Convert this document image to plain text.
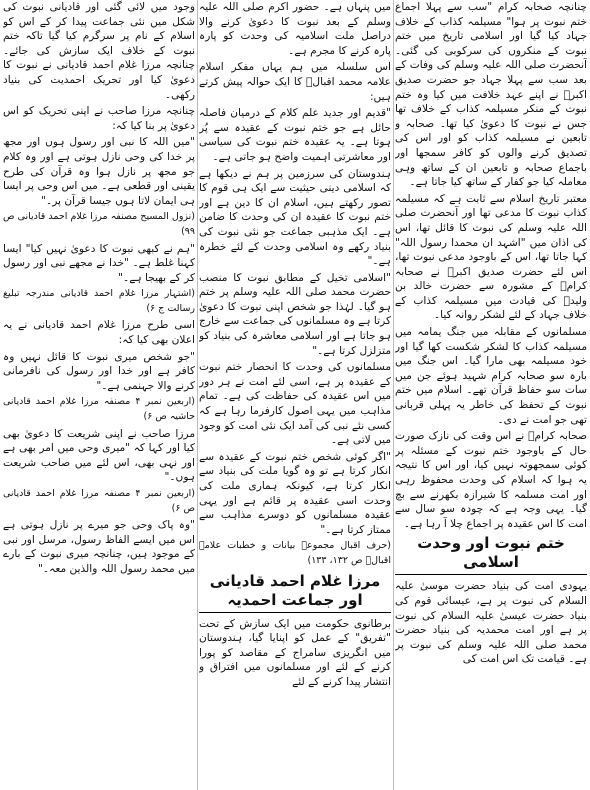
چنانچہ صحابہ کرام "سب سے پہلا اجماع ختم نبوت پر ہوا" مسیلمہ کذاب کے خلاف جہاد کیا گیا اور اسلامی تاریخ میں ختم نبوت کے منکروں کی سرکوبی کی گئی۔ آنحضرت صلی اللہ علیہ وسلم کی وفات کے بعد سب سے پہلا جہاد جو حضرت صدیق اکبرؓ نے اپنے عہد خلافت میں کیا وہ ختم نبوت کے منکر مسیلمہ کذاب کے خلاف تھا جس نے نبوت کا دعویٰ کیا تھا۔ صحابہ و تابعین نے مسیلمہ کذاب کو اور اس کی تصدیق کرنے والوں کو کافر سمجھا اور باجماع صحابہ و تابعین ان کے ساتھ وہی معاملہ کیا جو کفار کے ساتھ کیا جاتا ہے۔

معتبر تاریخ اسلام سے ثابت ہے کہ مسیلمہ کذاب نبوت کا مدعی تھا اور آنحضرت صلی اللہ علیہ وسلم کی نبوت کا قائل تھا، اس کی اذان میں "اشہد ان محمدا رسول اللہ" کہا جاتا تھا، اس کے باوجود مدعی نبوت تھا، اس لئے حضرت صدیق اکبرؓ نے صحابہ کرامؓ کے مشورہ سے حضرت خالد بن ولیدؓ کی قیادت میں مسیلمہ کذاب کے خلاف جہاد کے لئے لشکر روانہ کیا۔

مسلمانوں کے مقابلہ میں جنگ یمامہ میں مسیلمہ کذاب کا لشکر شکست کھا گیا اور خود مسیلمہ بھی مارا گیا۔ اس جنگ میں بارہ سو صحابہ کرام شہید ہوئے جن میں سات سو حفاظ قرآن تھے۔ اسلام میں ختم نبوت کے تحفظ کی خاطر یہ پہلی قربانی تھی جو امت نے دی۔

صحابہ کرامؓ نے اس وقت کی نازک صورت حال کے باوجود ختم نبوت کے مسئلہ پر کوئی سمجھوتہ نہیں کیا، اور اس کا نتیجہ یہ ہوا کہ اسلام کی وحدت محفوظ رہی اور امت مسلمہ کا شیرازہ بکھرنے سے بچ گیا۔ یہی وجہ ہے کہ چودہ سو سال سے امت کا اس عقیدہ پر اجماع چلا آ رہا ہے۔

ختم نبوت اور وحدت اسلامی

یہودی امت کی بنیاد حضرت موسیٰ علیہ السلام کی نبوت پر ہے، عیسائی قوم کی بنیاد حضرت عیسیٰ علیہ السلام کی نبوت پر ہے اور امت محمدیہ کی بنیاد حضرت محمد صلی اللہ علیہ وسلم کی نبوت پر ہے۔ قیامت تک اس امت کی

میں پنہاں ہے۔ حضور اکرم صلی اللہ علیہ وسلم کے بعد نبوت کا دعویٰ کرنے والا دراصل ملت اسلامیہ کی وحدت کو پارہ پارہ کرنے کا مجرم ہے۔

اس سلسلہ میں ہم یہاں مفکر اسلام علامہ محمد اقبالؒ کا ایک حوالہ پیش کرتے ہیں:

"قدیم اور جدید علم کلام کے درمیان فاصلہ حائل ہے جو ختم نبوت کے عقیدہ سے پُر ہوتا ہے۔ یہ عقیدہ ختم نبوت کی سیاسی اور معاشرتی اہمیت واضح ہو جاتی ہے۔

ہندوستان کی سرزمین پر ہم نے دیکھا ہے کہ اسلامی دینی حیثیت سے ایک ہی قوم کا تصور رکھتے ہیں، اسلام ان کا دین ہے اور ختم نبوت کا عقیدہ ان کی وحدت کا ضامن ہے۔ ایک مذہبی جماعت جو نئی نبوت کی بنیاد رکھے وہ اسلامی وحدت کے لئے خطرہ ہے۔"

"اسلامی تخیل کے مطابق نبوت کا منصب حضرت محمد صلی اللہ علیہ وسلم پر ختم ہو گیا۔ لہٰذا جو شخص اپنی نبوت کا دعویٰ کرتا ہے وہ مسلمانوں کی جماعت سے خارج ہو جاتا ہے اور اسلامی معاشرہ کی بنیاد کو متزلزل کرتا ہے۔"

مسلمانوں کی وحدت کا انحصار ختم نبوت کے عقیدہ پر ہے، اسی لئے امت نے ہر دور میں اس عقیدہ کی حفاظت کی ہے۔ تمام مذاہب میں یہی اصول کارفرما رہا ہے کہ کسی نئے نبی کی آمد ایک نئی امت کو وجود میں لاتی ہے۔

"اگر کوئی شخص ختم نبوت کے عقیدہ سے انکار کرتا ہے تو وہ گویا ملت کی بنیاد سے انکار کرتا ہے، کیونکہ ہماری ملت کی وحدت اسی عقیدہ پر قائم ہے اور یہی عقیدہ مسلمانوں کو دوسرے مذاہب سے ممتاز کرتا ہے۔"

(حرف اقبال مجموعہ بیانات و خطبات علامہ اقبالؒ ص ۱۳۲، ۱۳۳)

مرزا غلام احمد قادیانی اور جماعت احمدیہ

برطانوی حکومت میں ایک سازش کے تحت "تفریق" کے عمل کو اپنایا گیا، ہندوستان میں انگریزی سامراج کے مقاصد کو پورا کرنے کے لئے اور مسلمانوں میں افتراق و انتشار پیدا کرنے کے لئے

وجود میں لائی گئی اور قادیانی نبوت کی شکل میں نئی جماعت پیدا کر کے اس کو اسلام کے نام پر سرگرم کیا گیا تاکہ ختم نبوت کے خلاف ایک سازش کی جائے۔ چنانچہ مرزا غلام احمد قادیانی نے نبوت کا دعویٰ کیا اور تحریک احمدیت کی بنیاد رکھی۔

چنانچہ مرزا صاحب نے اپنی تحریک کو اس دعویٰ پر بنا کیا کہ:

"میں اللہ کا نبی اور رسول ہوں اور مجھ پر خدا کی وحی نازل ہوتی ہے اور وہ کلام جو مجھ پر نازل ہوا وہ قرآن کی طرح یقینی اور قطعی ہے۔ میں اس وحی پر ایسا ہی ایمان لاتا ہوں جیسا قرآن پر۔"

(نزول المسیح مصنفہ مرزا غلام احمد قادیانی ص ۹۹)

"ہم نے کبھی نبوت کا دعویٰ نہیں کیا" ایسا کہنا غلط ہے۔ "خدا نے مجھے نبی اور رسول کر کے بھیجا ہے۔"

(اشتہار مرزا غلام احمد قادیانی مندرجہ تبلیغ رسالت ج ۶)

اسی طرح مرزا غلام احمد قادیانی نے یہ اعلان بھی کیا کہ:

"جو شخص میری نبوت کا قائل نہیں وہ کافر ہے اور خدا اور رسول کی نافرمانی کرنے والا جہنمی ہے۔"

(اربعین نمبر ۴ مصنفہ مرزا غلام احمد قادیانی حاشیہ ص ۶)

مرزا صاحب نے اپنی شریعت کا دعویٰ بھی کیا اور کہا کہ "میری وحی میں امر بھی ہے اور نہی بھی، اس لئے میں صاحب شریعت ہوں۔"

(اربعین نمبر ۴ مصنفہ مرزا غلام احمد قادیانی ص ۶)

"وہ پاک وحی جو میرے پر نازل ہوتی ہے اس میں ایسے الفاظ رسول، مرسل اور نبی کے موجود ہیں، چنانچہ میری نبوت کے بارے میں محمد رسول اللہ والذین معہ۔"
